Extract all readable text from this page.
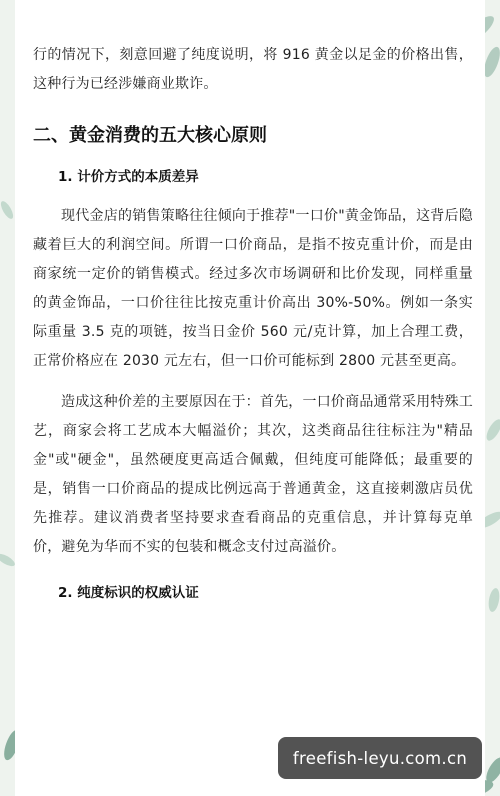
行的情况下，刻意回避了纯度说明，将 916 黄金以足金的价格出售，这种行为已经涉嫌商业欺诈。

二、黄金消费的五大核心原则
1. 计价方式的本质差异

现代金店的销售策略往往倾向于推荐"一口价"黄金饰品，这背后隐藏着巨大的利润空间。所谓一口价商品，是指不按克重计价，而是由商家统一定价的销售模式。经过多次市场调研和比价发现，同样重量的黄金饰品，一口价往往比按克重计价高出 30%-50%。例如一条实际重量 3.5 克的项链，按当日金价 560 元/克计算，加上合理工费，正常价格应在 2030 元左右，但一口价可能标到 2800 元甚至更高。

造成这种价差的主要原因在于：首先，一口价商品通常采用特殊工艺，商家会将工艺成本大幅溢价；其次，这类商品往往标注为"精品金"或"硬金"，虽然硬度更高适合佩戴，但纯度可能降低；最重要的是，销售一口价商品的提成比例远高于普通黄金，这直接刺激店员优先推荐。建议消费者坚持要求查看商品的克重信息，并计算每克单价，避免为华而不实的包装和概念支付过高溢价。

2. 纯度标识的权威认证
freefish-leyu.com.cn
